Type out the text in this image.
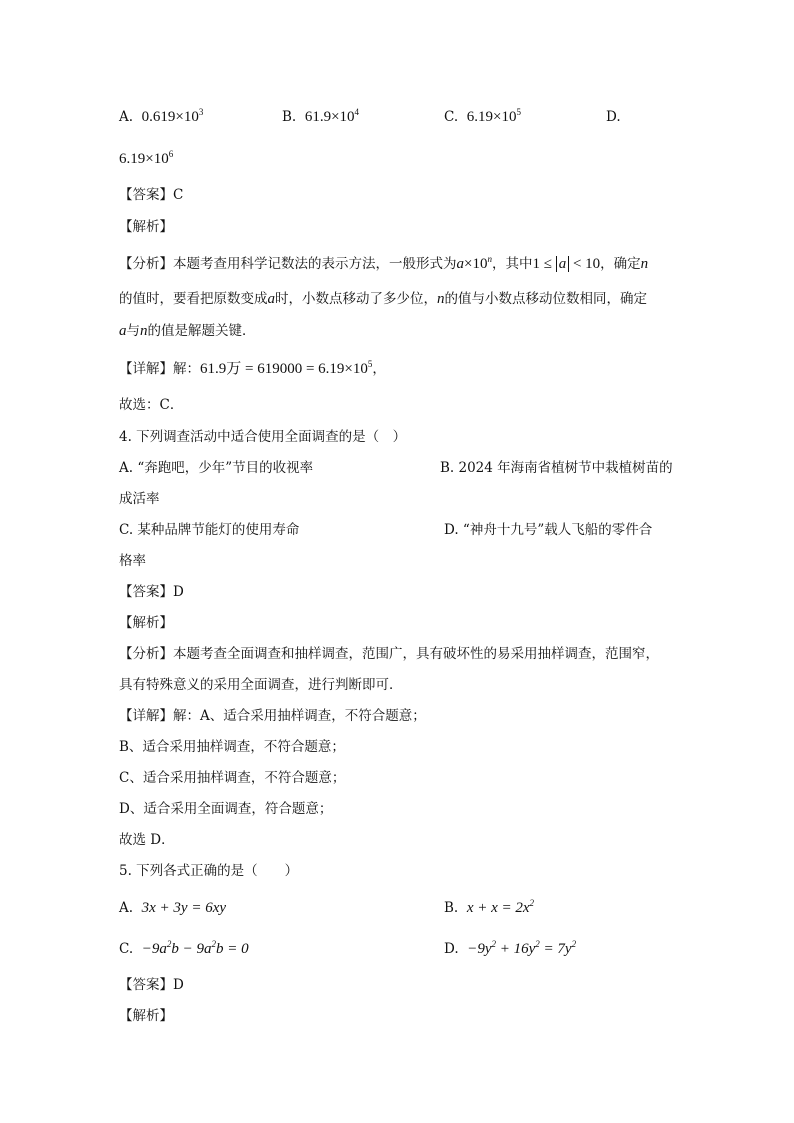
A. $0.619\times 10^3$	B. $61.9\times 10^4$	C. $6.19\times 10^5$	D.
$6.19\times 10^6$
【答案】C
【解析】
【分析】本题考查用科学记数法的表示方法，一般形式为$a\times 10^n$，其中1 ≤ a < 10，确定n
的值时，要看把原数变成a时，小数点移动了多少位，n的值与小数点移动位数相同，确定
a与n的值是解题关键．
【详解】解：61.9万 = $619000 = 6.19\times 10^5$，
故选：C．
4. 下列调查活动中适合使用全面调查的是（　）
A. “奔跑吧，少年”节目的收视率	B. 2024 年海南省植树节中栽植树苗的
成活率
C. 某种品牌节能灯的使用寿命	D. “神舟十九号”载人飞船的零件合
格率
【答案】D
【解析】
【分析】本题考查全面调查和抽样调查，范围广，具有破坏性的易采用抽样调查，范围窄，
具有特殊意义的采用全面调查，进行判断即可．
【详解】解：A、适合采用抽样调查，不符合题意；
B、适合采用抽样调查，不符合题意；
C、适合采用抽样调查，不符合题意；
D、适合采用全面调查，符合题意；
故选 D．
5. 下列各式正确的是（　　）
A. 3x + 3y = 6xy	B. $x + x = 2x^2$
C. $-9a^2b - 9a^2b = 0$	D. $-9y^2 + 16y^2 = 7y^2$
【答案】D
【解析】
